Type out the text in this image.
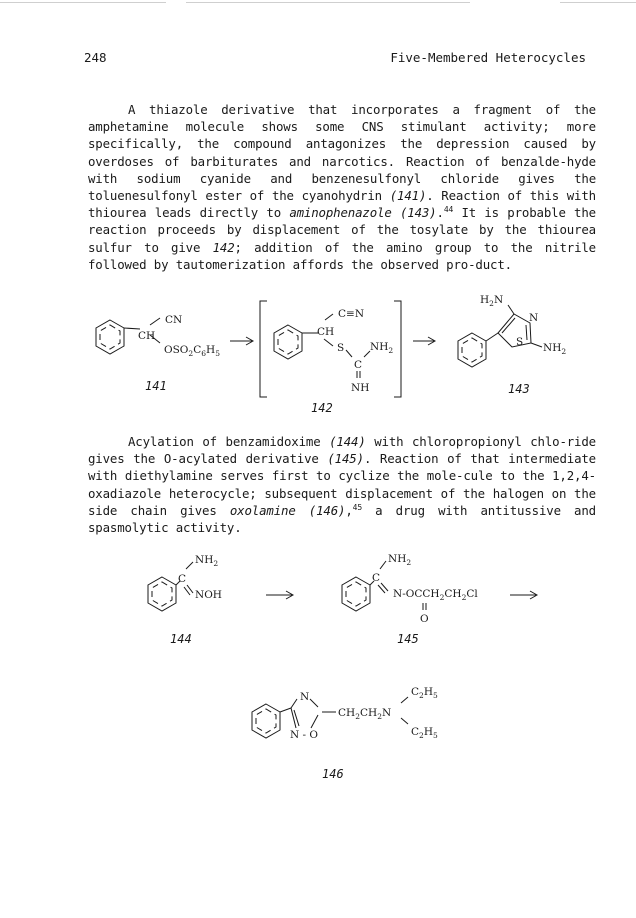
248	Five-Membered Heterocycles

A thiazole derivative that incorporates a fragment of the amphetamine molecule shows some CNS stimulant activity; more specifically, the compound antagonizes the depression caused by overdoses of barbiturates and narcotics. Reaction of benzalde-hyde with sodium cyanide and benzenesulfonyl chloride gives the toluenesulfonyl ester of the cyanohydrin (141). Reaction of this with thiourea leads directly to aminophenazole (143).$^{44}$ It is probable the reaction proceeds by displacement of the tosylate by the thiourea sulfur to give 142; addition of the amino group to the nitrile followed by tautomerization affords the observed pro-duct.

CN
CH
$OSO_2C_6H_5$
141
C≡N
CH
S $NH_2$
C
NH
142
$H_2N$
N
S $NH_2$
143

Acylation of benzamidoxime (144) with chloropropionyl chlo-ride gives the O-acylated derivative (145). Reaction of that intermediate with diethylamine serves first to cyclize the mole-cule to the 1,2,4-oxadiazole heterocycle; subsequent displacement of the halogen on the side chain gives oxolamine (146),$^{45}$ a drug with antitussive and spasmolytic activity.

$NH_2$
C
NOH
144
$NH_2$
C
$N-OCCH_2CH_2Cl$
O
145
N
N - O
$CH_2CH_2N$
$C_2H_5$
$C_2H_5$
146
